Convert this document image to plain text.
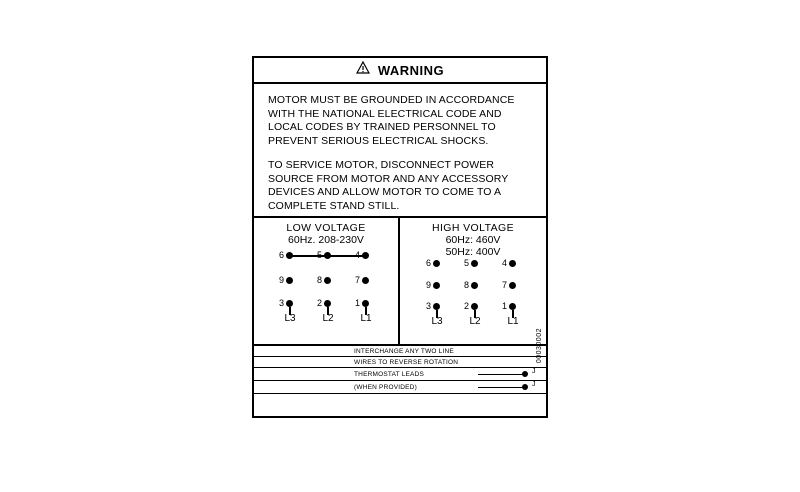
WARNING

MOTOR MUST BE GROUNDED IN ACCORDANCE WITH THE NATIONAL ELECTRICAL CODE AND LOCAL CODES BY TRAINED PERSONNEL TO PREVENT SERIOUS ELECTRICAL SHOCKS.

TO SERVICE MOTOR, DISCONNECT POWER SOURCE FROM MOTOR AND ANY ACCESSORY DEVICES AND ALLOW MOTOR TO COME TO A COMPLETE STAND STILL.

LOW VOLTAGE
60Hz. 208-230V
6	5	4
9	8	7
3	2	1
L3	L2	L1
HIGH VOLTAGE
60Hz: 460V
50Hz: 400V
6	5	4
9	8	7
3	2	1
L3	L2	L1
00030002
INTERCHANGE ANY TWO LINE
WIRES TO REVERSE ROTATION
THERMOSTAT LEADS	J
(WHEN PROVIDED)	J
